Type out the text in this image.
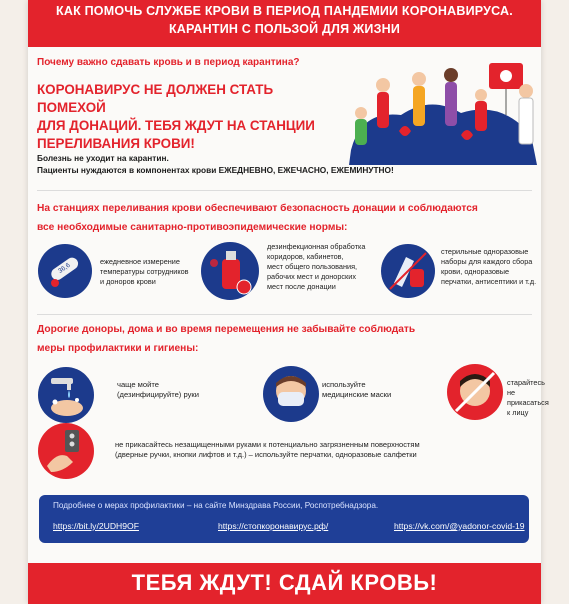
КАК ПОМОЧЬ СЛУЖБЕ КРОВИ В ПЕРИОД ПАНДЕМИИ КОРОНАВИРУСА.
КАРАНТИН С ПОЛЬЗОЙ ДЛЯ ЖИЗНИ
Почему важно сдавать кровь и в период карантина?
КОРОНАВИРУС НЕ ДОЛЖЕН СТАТЬ ПОМЕХОЙ
ДЛЯ ДОНАЦИЙ. ТЕБЯ ЖДУТ НА СТАНЦИИ
ПЕРЕЛИВАНИЯ КРОВИ!
Болезнь не уходит на карантин.
Пациенты нуждаются в компонентах крови ЕЖЕДНЕВНО, ЕЖЕЧАСНО, ЕЖЕМИНУТНО!
На станциях переливания крови обеспечивают безопасность донации и соблюдаются
все необходимые санитарно-противоэпидемические нормы:
36,6
ежедневное измерение
температуры сотрудников
и доноров крови
дезинфекционная обработка
коридоров, кабинетов,
мест общего пользования,
рабочих мест и донорских
мест после донации
стерильные одноразовые
наборы для каждого сбора
крови, одноразовые
перчатки, антисептики и т.д.
Дорогие доноры, дома и во время перемещения не забывайте соблюдать
меры профилактики и гигиены:
чаще мойте
(дезинфицируйте) руки
используйте
медицинские маски
старайтесь
не прикасаться
к лицу
не прикасайтесь незащищенными руками к потенциально загрязненным поверхностям
(дверные ручки, кнопки лифтов и т.д.) – используйте перчатки, одноразовые салфетки
Подробнее о мерах профилактики – на сайте Минздрава России, Роспотребнадзора.
https://bit.ly/2UDH9OF	https://стопкоронавирус.рф/	https://vk.com/@yadonor-covid-19
ТЕБЯ ЖДУТ! СДАЙ КРОВЬ!
